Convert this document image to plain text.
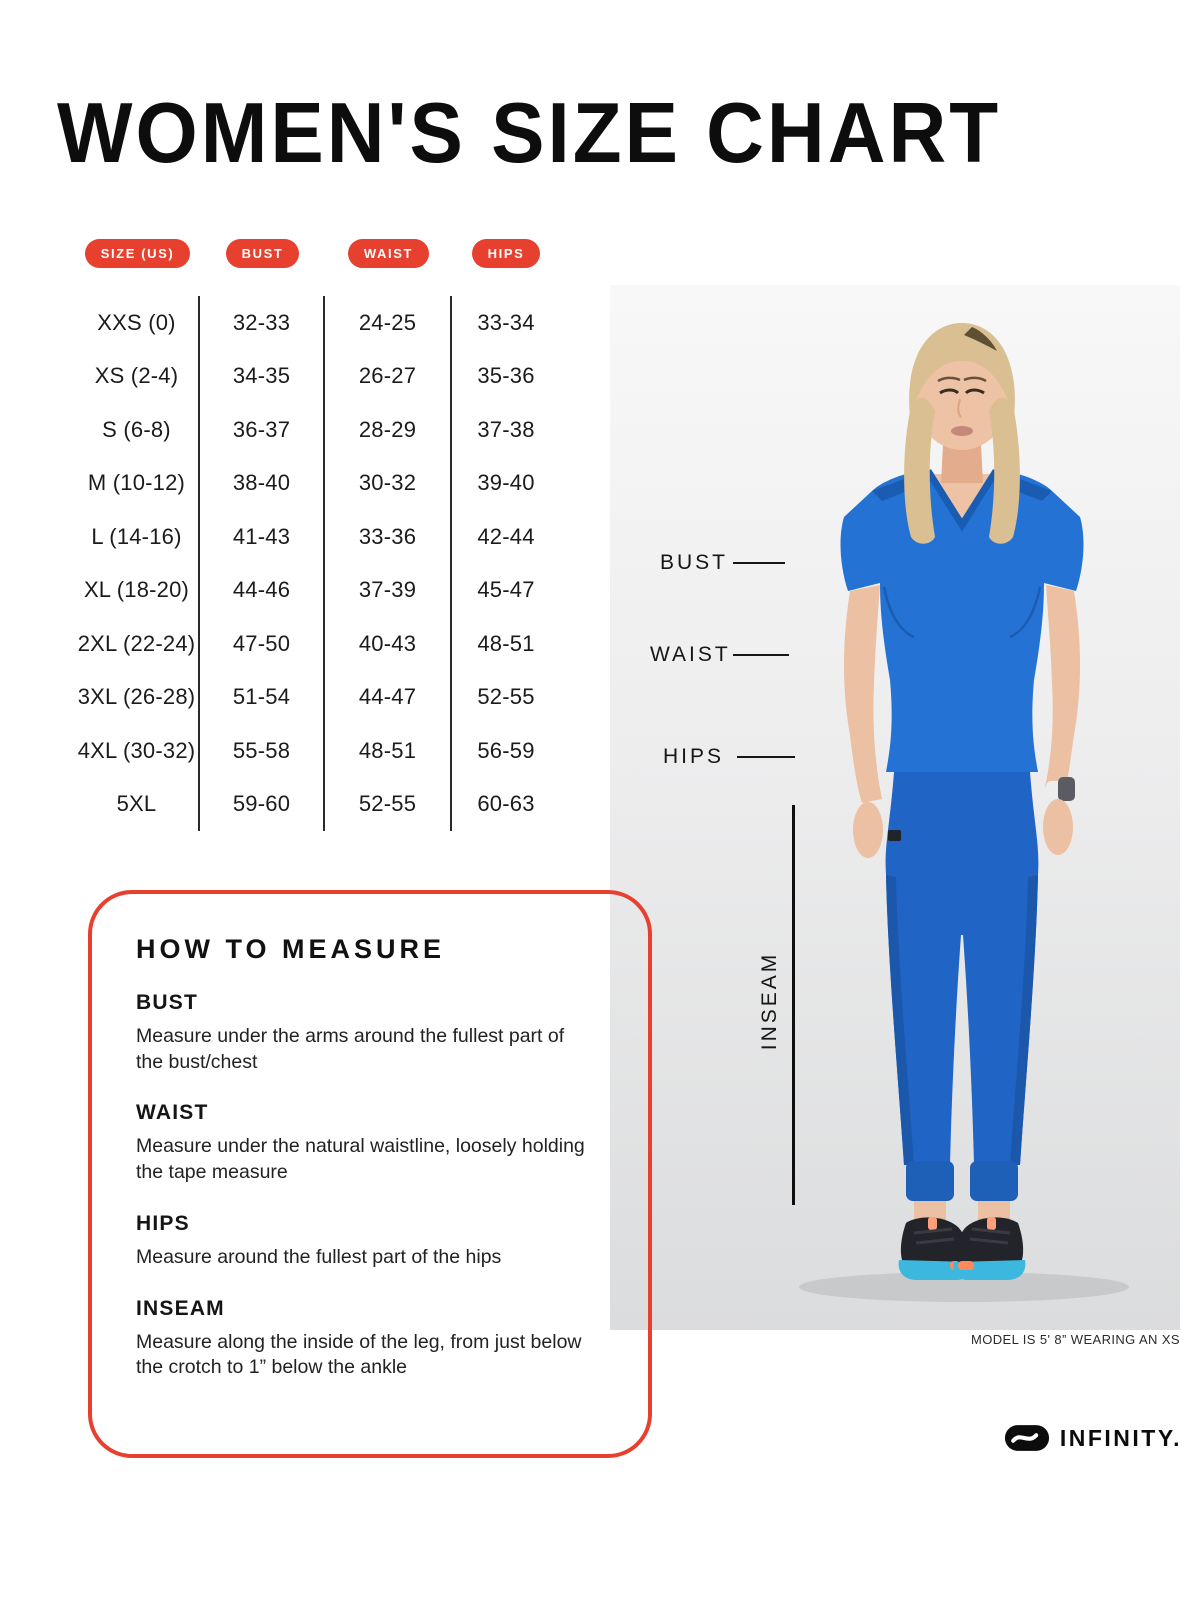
WOMEN'S SIZE CHART
SIZE (US)	BUST	WAIST	HIPS
XXS (0)	32-33	24-25	33-34
XS (2-4)	34-35	26-27	35-36
S (6-8)	36-37	28-29	37-38
M (10-12)	38-40	30-32	39-40
L (14-16)	41-43	33-36	42-44
XL (18-20)	44-46	37-39	45-47
2XL (22-24)	47-50	40-43	48-51
3XL (26-28)	51-54	44-47	52-55
4XL (30-32)	55-58	48-51	56-59
5XL	59-60	52-55	60-63
BUST
WAIST
HIPS
INSEAM
MODEL IS 5' 8” WEARING AN XS
HOW TO MEASURE
BUST
Measure under the arms around the fullest part of the bust/chest
WAIST
Measure under the natural waistline, loosely holding the tape measure
HIPS
Measure around the fullest part of the hips
INSEAM
Measure along the inside of the leg, from just below the crotch to 1” below the ankle
INFINITY.
